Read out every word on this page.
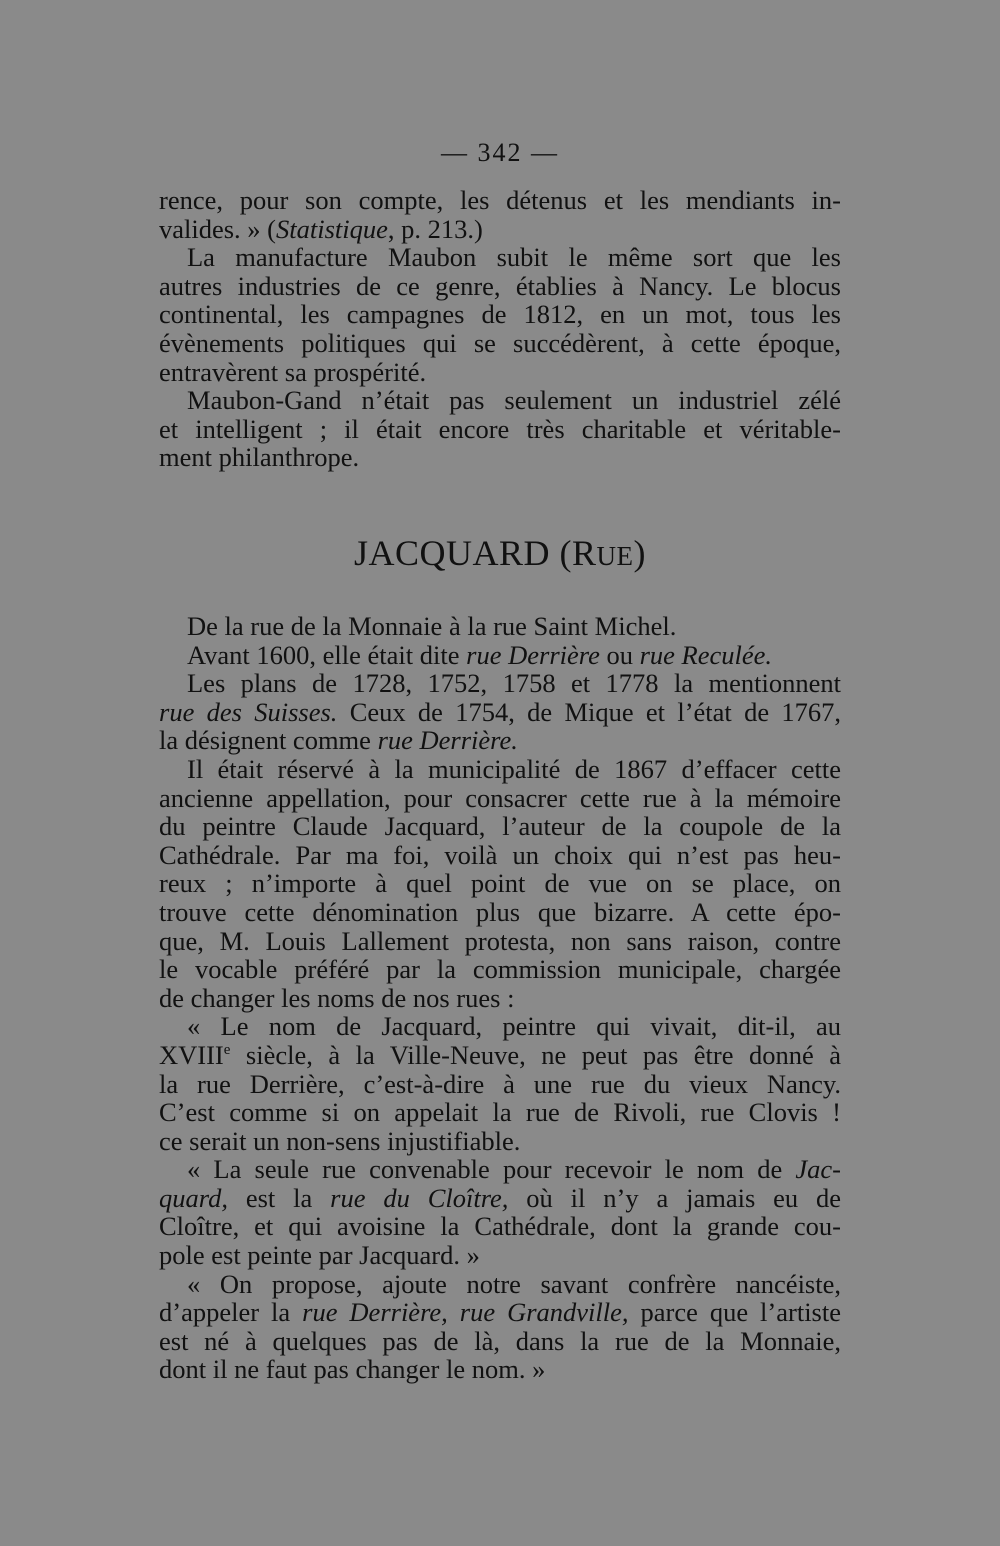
— 342 —

rence, pour son compte, les détenus et les mendiants in-
valides. » (Statistique, p. 213.)

La manufacture Maubon subit le même sort que les
autres industries de ce genre, établies à Nancy. Le blocus
continental, les campagnes de 1812, en un mot, tous les
évènements politiques qui se succédèrent, à cette époque,
entravèrent sa prospérité.

Maubon-Gand n’était pas seulement un industriel zélé
et intelligent ; il était encore très charitable et véritable-
ment philanthrope.

JACQUARD (RUE)

De la rue de la Monnaie à la rue Saint Michel.

Avant 1600, elle était dite rue Derrière ou rue Reculée.

Les plans de 1728, 1752, 1758 et 1778 la mentionnent
rue des Suisses. Ceux de 1754, de Mique et l’état de 1767,
la désignent comme rue Derrière.

Il était réservé à la municipalité de 1867 d’effacer cette
ancienne appellation, pour consacrer cette rue à la mémoire
du peintre Claude Jacquard, l’auteur de la coupole de la
Cathédrale. Par ma foi, voilà un choix qui n’est pas heu-
reux ; n’importe à quel point de vue on se place, on
trouve cette dénomination plus que bizarre. A cette épo-
que, M. Louis Lallement protesta, non sans raison, contre
le vocable préféré par la commission municipale, chargée
de changer les noms de nos rues :

« Le nom de Jacquard, peintre qui vivait, dit-il, au
XVIIIe siècle, à la Ville-Neuve, ne peut pas être donné à
la rue Derrière, c’est-à-dire à une rue du vieux Nancy.
C’est comme si on appelait la rue de Rivoli, rue Clovis !
ce serait un non-sens injustifiable.

« La seule rue convenable pour recevoir le nom de Jac-
quard, est la rue du Cloître, où il n’y a jamais eu de
Cloître, et qui avoisine la Cathédrale, dont la grande cou-
pole est peinte par Jacquard. »

« On propose, ajoute notre savant confrère nancéiste,
d’appeler la rue Derrière, rue Grandville, parce que l’artiste
est né à quelques pas de là, dans la rue de la Monnaie,
dont il ne faut pas changer le nom. »
